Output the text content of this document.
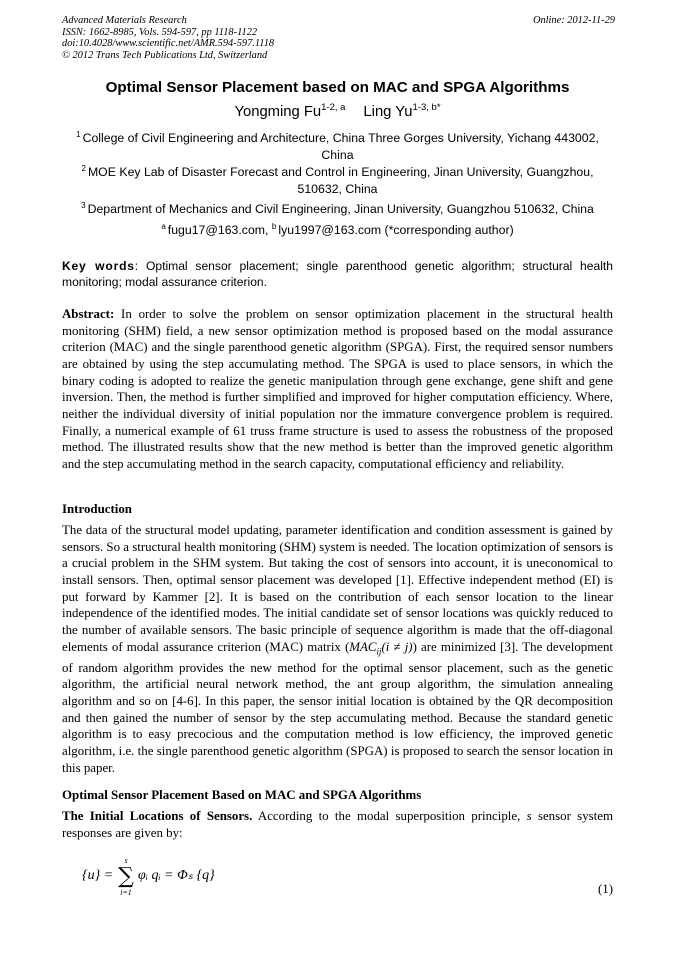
Advanced Materials Research
ISSN: 1662-8985, Vols. 594-597, pp 1118-1122
doi:10.4028/www.scientific.net/AMR.594-597.1118
© 2012 Trans Tech Publications Ltd, Switzerland
Online: 2012-11-29
Optimal Sensor Placement based on MAC and SPGA Algorithms
Yongming Fu$^{1-2, a}$ Ling $Yu^{1-3, b*}$
$^1$ College of Civil Engineering and Architecture, China Three Gorges University, Yichang 443002, China
$^2$ MOE Key Lab of Disaster Forecast and Control in Engineering, Jinan University, Guangzhou, 510632, China
$^3$ Department of Mechanics and Civil Engineering, Jinan University, Guangzhou 510632, China
$^a$ fugu17@163.com, $^b$ lyu1997@163.com (*corresponding author)
Key words: Optimal sensor placement; single parenthood genetic algorithm; structural health monitoring; modal assurance criterion.
Abstract: In order to solve the problem on sensor optimization placement in the structural health monitoring (SHM) field, a new sensor optimization method is proposed based on the modal assurance criterion (MAC) and the single parenthood genetic algorithm (SPGA). First, the required sensor numbers are obtained by using the step accumulating method. The SPGA is used to place sensors, in which the binary coding is adopted to realize the genetic manipulation through gene exchange, gene shift and gene inversion. Then, the method is further simplified and improved for higher computation efficiency. Where, neither the individual diversity of initial population nor the immature convergence problem is required. Finally, a numerical example of 61 truss frame structure is used to assess the robustness of the proposed method. The illustrated results show that the new method is better than the improved genetic algorithm and the step accumulating method in the search capacity, computational efficiency and reliability.
Introduction
The data of the structural model updating, parameter identification and condition assessment is gained by sensors. So a structural health monitoring (SHM) system is needed. The location optimization of sensors is a crucial problem in the SHM system. But taking the cost of sensors into account, it is uneconomical to install sensors. Then, optimal sensor placement was developed [1]. Effective independent method (EI) is put forward by Kammer [2]. It is based on the contribution of each sensor location to the linear independence of the identified modes. The initial candidate set of sensor locations was quickly reduced to the number of available sensors. The basic principle of sequence algorithm is made that the off-diagonal elements of modal assurance criterion (MAC) matrix $(MAC_{ij}(i \ne j))$ are minimized [3]. The development of random algorithm provides the new method for the optimal sensor placement, such as the genetic algorithm, the artificial neural network method, the ant group algorithm, the simulation annealing algorithm and so on [4-6]. In this paper, the sensor initial location is obtained by the QR decomposition and then gained the number of sensor by the step accumulating method. Because the standard genetic algorithm is to easy precocious and the computation method is low efficiency, the improved genetic algorithm, i.e. the single parenthood genetic algorithm (SPGA) is proposed to search the sensor location in this paper.
Optimal Sensor Placement Based on MAC and SPGA Algorithms
The Initial Locations of Sensors. According to the modal superposition principle, s sensor system responses are given by:
{u} =
s
∑
i=1
φᵢ qᵢ = Φₛ {q}
(1)
